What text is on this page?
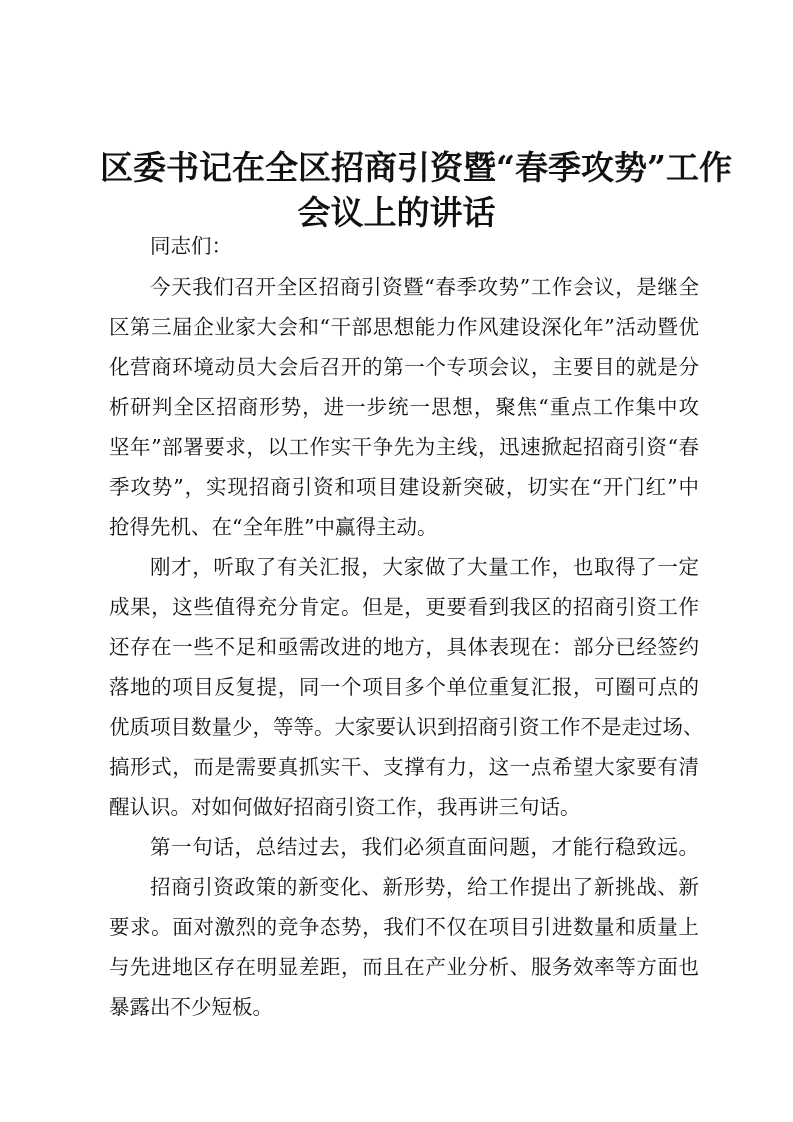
区委书记在全区招商引资暨“春季攻势”工作
会议上的讲话
同志们：
今天我们召开全区招商引资暨“春季攻势”工作会议，是继全
区第三届企业家大会和“干部思想能力作风建设深化年”活动暨优
化营商环境动员大会后召开的第一个专项会议，主要目的就是分
析研判全区招商形势，进一步统一思想，聚焦“重点工作集中攻
坚年”部署要求，以工作实干争先为主线，迅速掀起招商引资“春
季攻势”，实现招商引资和项目建设新突破，切实在“开门红”中
抢得先机、在“全年胜”中赢得主动。
刚才，听取了有关汇报，大家做了大量工作，也取得了一定
成果，这些值得充分肯定。但是，更要看到我区的招商引资工作
还存在一些不足和亟需改进的地方，具体表现在：部分已经签约
落地的项目反复提，同一个项目多个单位重复汇报，可圈可点的
优质项目数量少，等等。大家要认识到招商引资工作不是走过场、
搞形式，而是需要真抓实干、支撑有力，这一点希望大家要有清
醒认识。对如何做好招商引资工作，我再讲三句话。
第一句话，总结过去，我们必须直面问题，才能行稳致远。
招商引资政策的新变化、新形势，给工作提出了新挑战、新
要求。面对激烈的竞争态势，我们不仅在项目引进数量和质量上
与先进地区存在明显差距，而且在产业分析、服务效率等方面也
暴露出不少短板。
